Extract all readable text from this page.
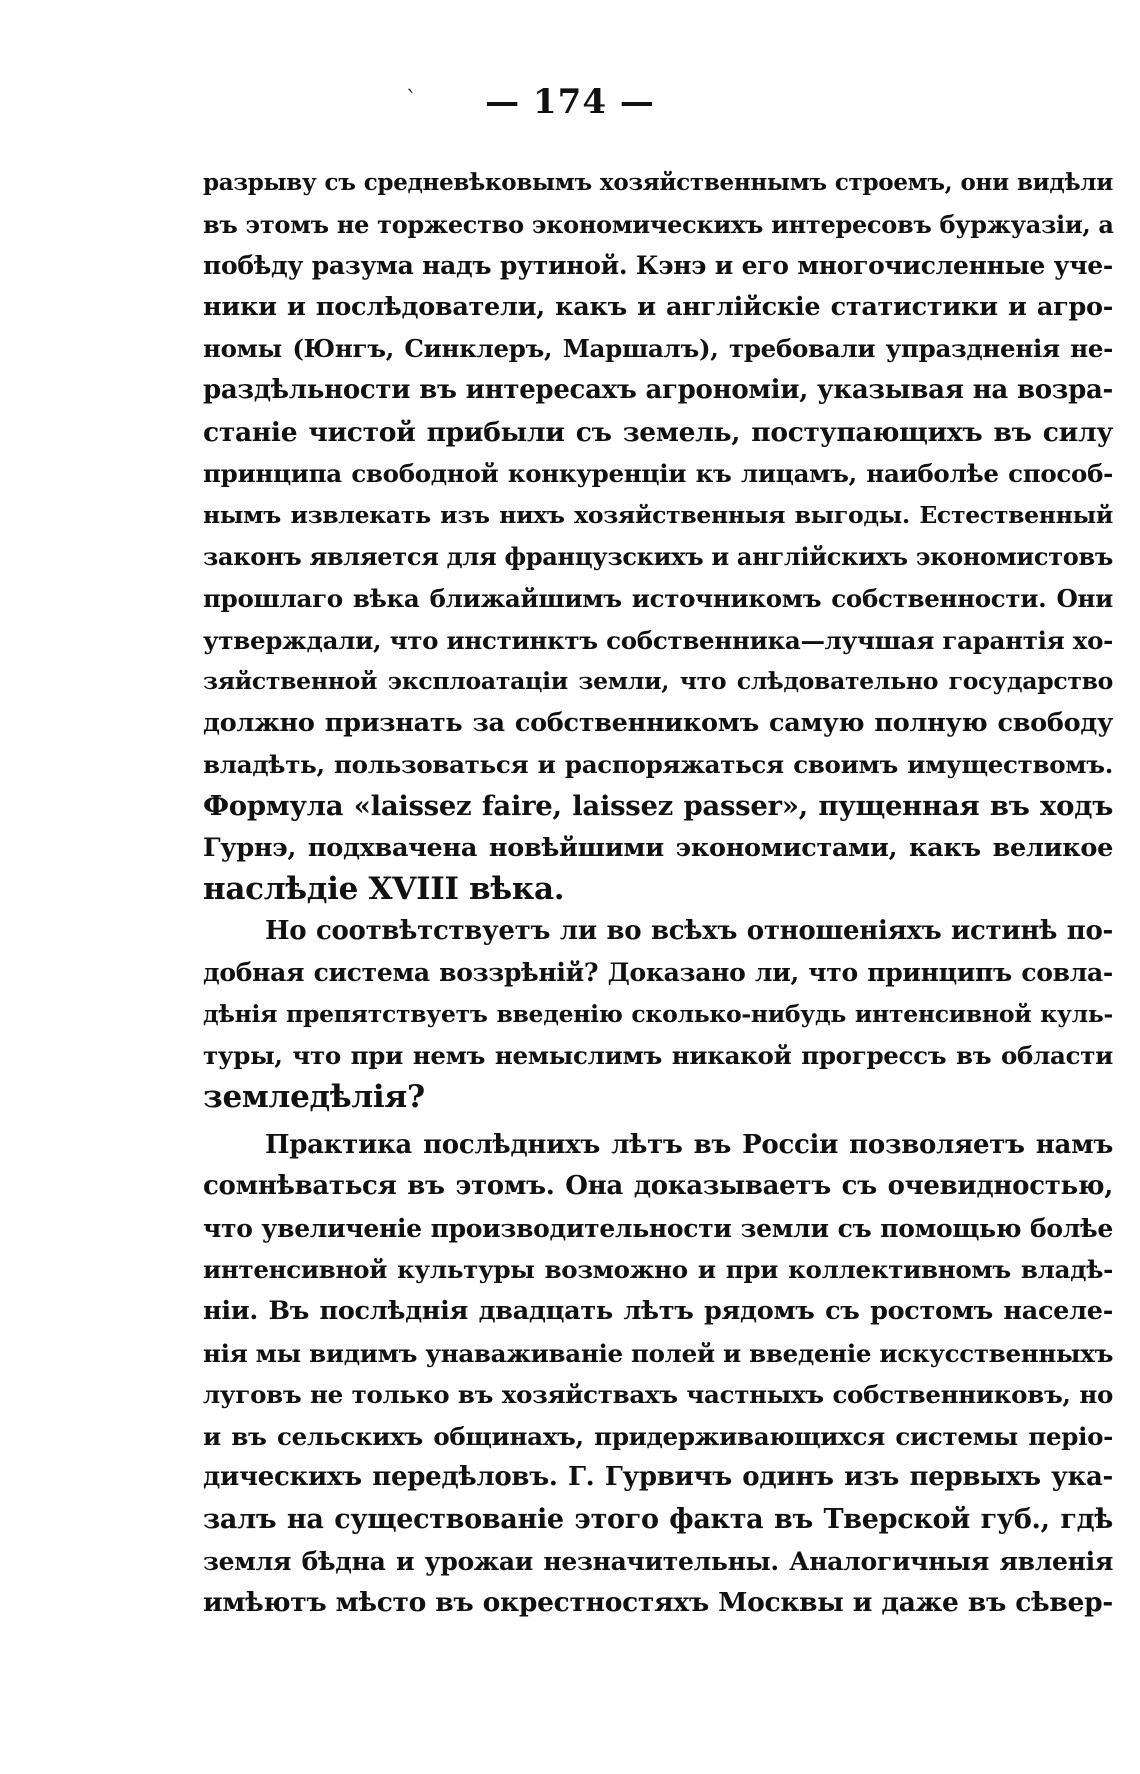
`	— 174 —
разрыву съ средневѣковымъ хозяйственнымъ строемъ, они видѣли
въ этомъ не торжество экономическихъ интересовъ буржуазіи, а
побѣду разума надъ рутиной. Кэнэ и его многочисленные уче-
ники и послѣдователи, какъ и англійскіе статистики и агро-
номы (Юнгъ, Синклеръ, Маршалъ), требовали упраздненія не-
раздѣльности въ интересахъ агрономіи, указывая на возра-
станіе чистой прибыли съ земель, поступающихъ въ силу
принципа свободной конкуренціи къ лицамъ, наиболѣе способ-
нымъ извлекать изъ нихъ хозяйственныя выгоды. Естественный
законъ является для французскихъ и англійскихъ экономистовъ
прошлаго вѣка ближайшимъ источникомъ собственности. Они
утверждали, что инстинктъ собственника—лучшая гарантія хо-
зяйственной эксплоатаціи земли, что слѣдовательно государство
должно признать за собственникомъ самую полную свободу
владѣть, пользоваться и распоряжаться своимъ имуществомъ.
Формула «laissez faire, laissez passer», пущенная въ ходъ
Гурнэ, подхвачена новѣйшими экономистами, какъ великое
наслѣдіе XVIII вѣка.
Но соотвѣтствуетъ ли во всѣхъ отношеніяхъ истинѣ по-
добная система воззрѣній? Доказано ли, что принципъ совла-
дѣнія препятствуетъ введенію сколько-нибудь интенсивной куль-
туры, что при немъ немыслимъ никакой прогрессъ въ области
земледѣлія?
Практика послѣднихъ лѣтъ въ Россіи позволяетъ намъ
сомнѣваться въ этомъ. Она доказываетъ съ очевидностью,
что увеличеніе производительности земли съ помощью болѣе
интенсивной культуры возможно и при коллективномъ владѣ-
ніи. Въ послѣднія двадцать лѣтъ рядомъ съ ростомъ населе-
нія мы видимъ унаваживаніе полей и введеніе искусственныхъ
луговъ не только въ хозяйствахъ частныхъ собственниковъ, но
и въ сельскихъ общинахъ, придерживающихся системы періо-
дическихъ передѣловъ. Г. Гурвичъ одинъ изъ первыхъ ука-
залъ на существованіе этого факта въ Тверской губ., гдѣ
земля бѣдна и урожаи незначительны. Аналогичныя явленія
имѣютъ мѣсто въ окрестностяхъ Москвы и даже въ сѣвер-
